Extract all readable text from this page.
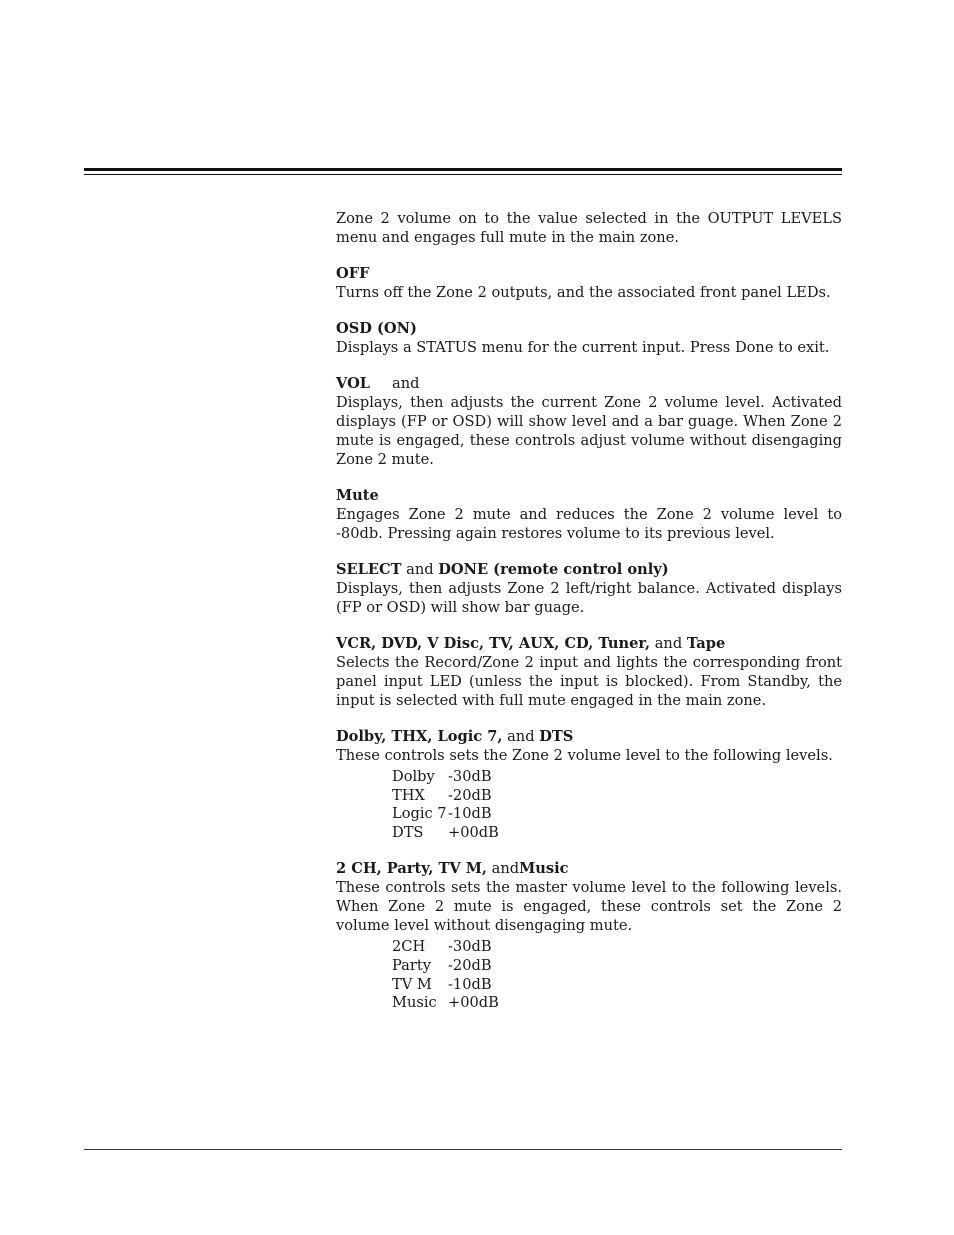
Zone 2 volume on to the value selected in the OUTPUT LEVELS menu and engages full mute in the main zone.

OFF

Turns off the Zone 2 outputs, and the associated front panel LEDs.

OSD (ON)

Displays a STATUS menu for the current input. Press Done to exit.

VOL and

Displays, then adjusts the current Zone 2 volume level. Activated displays (FP or OSD) will show level and a bar guage. When Zone 2 mute is engaged, these controls adjust volume without disengaging Zone 2 mute.

Mute

Engages Zone 2 mute and reduces the Zone 2 volume level to -80db. Pressing again restores volume to its previous level.

SELECT and DONE (remote control only)

Displays, then adjusts Zone 2 left/right balance. Activated displays (FP or OSD) will show bar guage.

VCR, DVD, V Disc, TV, AUX, CD, Tuner, and Tape

Selects the Record/Zone 2 input and lights the corresponding front panel input LED (unless the input is blocked). From Standby, the input is selected with full mute engaged in the main zone.

Dolby, THX, Logic 7, and DTS

These controls sets the Zone 2 volume level to the following levels.

Dolby	-30dB
THX	-20dB
Logic 7	-10dB
DTS	+00dB

2 CH, Party, TV M, andMusic

These controls sets the master volume level to the following levels. When Zone 2 mute is engaged, these controls set the Zone 2 volume level without disengaging mute.

2CH	-30dB
Party	-20dB
TV M	-10dB
Music	+00dB
